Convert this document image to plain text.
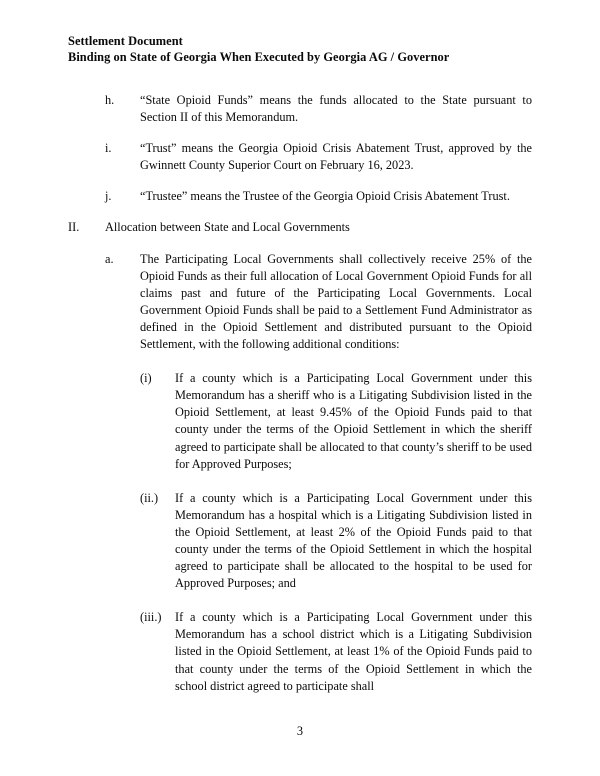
Settlement Document
Binding on State of Georgia When Executed by Georgia AG / Governor
h.	“State Opioid Funds” means the funds allocated to the State pursuant to Section II of this Memorandum.
i.	“Trust” means the Georgia Opioid Crisis Abatement Trust, approved by the Gwinnett County Superior Court on February 16, 2023.
j.	“Trustee” means the Trustee of the Georgia Opioid Crisis Abatement Trust.
II.	Allocation between State and Local Governments
a.	The Participating Local Governments shall collectively receive 25% of the Opioid Funds as their full allocation of Local Government Opioid Funds for all claims past and future of the Participating Local Governments. Local Government Opioid Funds shall be paid to a Settlement Fund Administrator as defined in the Opioid Settlement and distributed pursuant to the Opioid Settlement, with the following additional conditions:
(i)	If a county which is a Participating Local Government under this Memorandum has a sheriff who is a Litigating Subdivision listed in the Opioid Settlement, at least 9.45% of the Opioid Funds paid to that county under the terms of the Opioid Settlement in which the sheriff agreed to participate shall be allocated to that county’s sheriff to be used for Approved Purposes;
(ii.)	If a county which is a Participating Local Government under this Memorandum has a hospital which is a Litigating Subdivision listed in the Opioid Settlement, at least 2% of the Opioid Funds paid to that county under the terms of the Opioid Settlement in which the hospital agreed to participate shall be allocated to the hospital to be used for Approved Purposes; and
(iii.)	If a county which is a Participating Local Government under this Memorandum has a school district which is a Litigating Subdivision listed in the Opioid Settlement, at least 1% of the Opioid Funds paid to that county under the terms of the Opioid Settlement in which the school district agreed to participate shall
3
